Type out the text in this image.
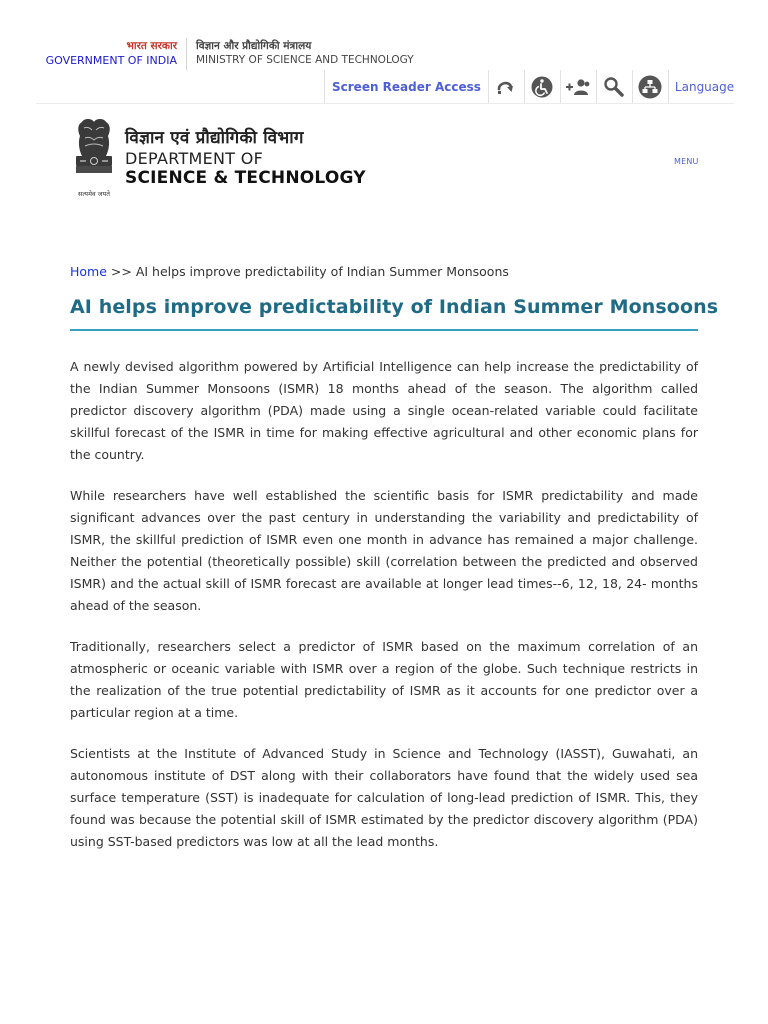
भारत सरकार
GOVERNMENT OF INDIA
विज्ञान और प्रौद्योगिकी मंत्रालय
MINISTRY OF SCIENCE AND TECHNOLOGY
Screen Reader Access	Language
सत्यमेव जयते
विज्ञान एवं प्रौद्योगिकी विभाग
DEPARTMENT OF
SCIENCE & TECHNOLOGY
MENU
Home >> AI helps improve predictability of Indian Summer Monsoons
AI helps improve predictability of Indian Summer Monsoons

A newly devised algorithm powered by Artificial Intelligence can help increase the predictability of the Indian Summer Monsoons (ISMR) 18 months ahead of the season. The algorithm called predictor discovery algorithm (PDA) made using a single ocean-related variable could facilitate skillful forecast of the ISMR in time for making effective agricultural and other economic plans for the country.

While researchers have well established the scientific basis for ISMR predictability and made significant advances over the past century in understanding the variability and predictability of ISMR, the skillful prediction of ISMR even one month in advance has remained a major challenge. Neither the potential (theoretically possible) skill (correlation between the predicted and observed ISMR) and the actual skill of ISMR forecast are available at longer lead times--6, 12, 18, 24- months ahead of the season.

Traditionally, researchers select a predictor of ISMR based on the maximum correlation of an atmospheric or oceanic variable with ISMR over a region of the globe. Such technique restricts in the realization of the true potential predictability of ISMR as it accounts for one predictor over a particular region at a time.

Scientists at the Institute of Advanced Study in Science and Technology (IASST), Guwahati, an autonomous institute of DST along with their collaborators have found that the widely used sea surface temperature (SST) is inadequate for calculation of long-lead prediction of ISMR. This, they found was because the potential skill of ISMR estimated by the predictor discovery algorithm (PDA) using SST-based predictors was low at all the lead months.
